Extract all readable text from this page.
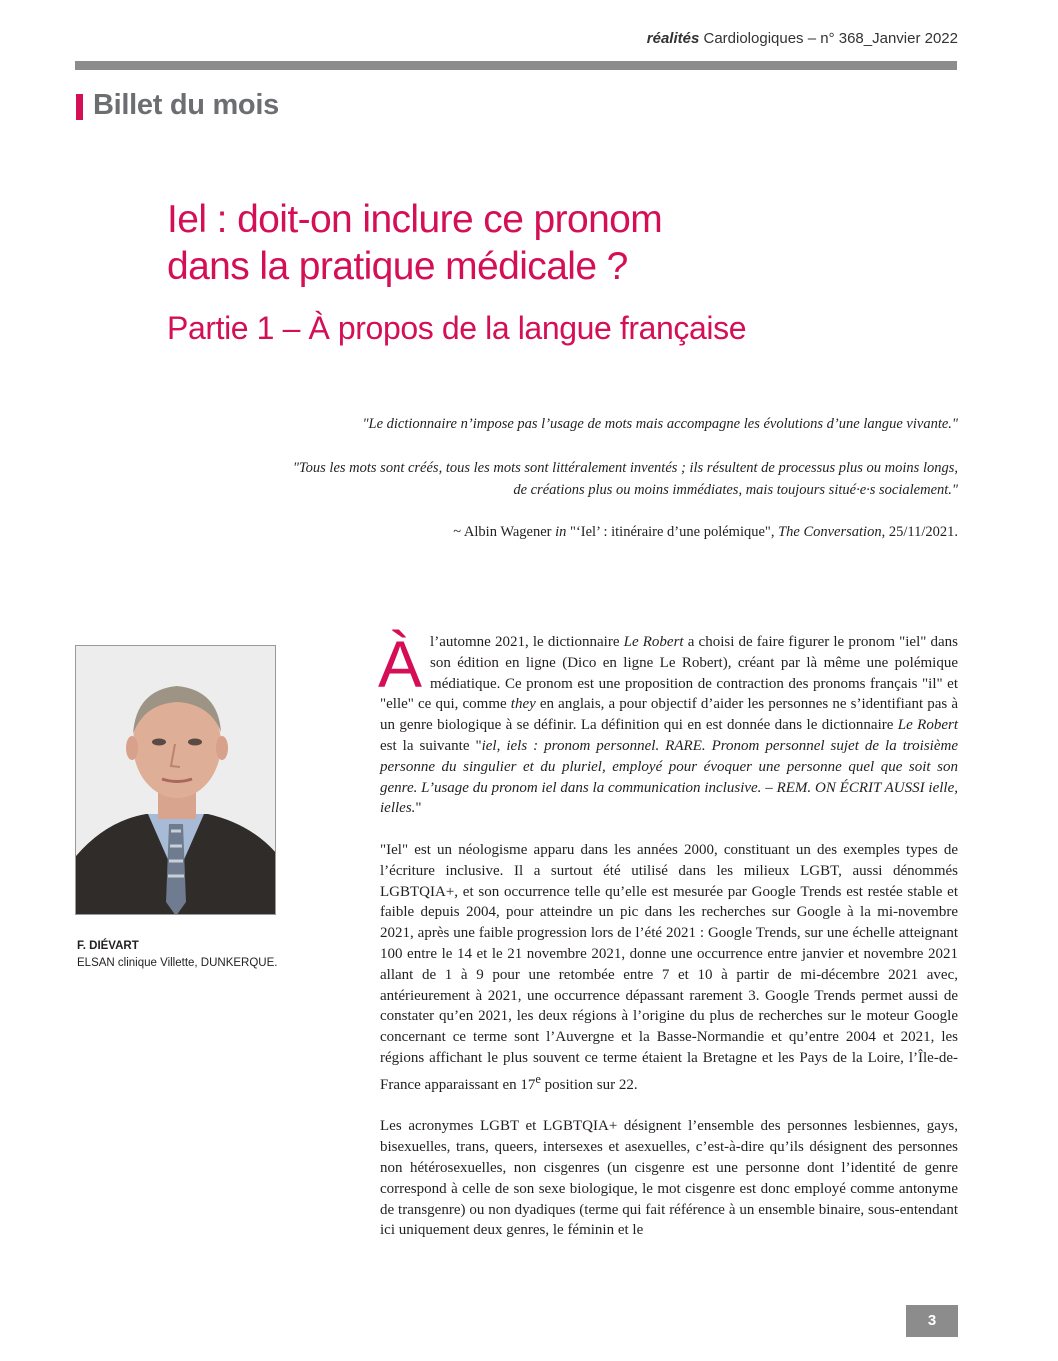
réalités Cardiologiques – n° 368_Janvier 2022
Billet du mois
Iel : doit-on inclure ce pronom
dans la pratique médicale ?
Partie 1 – À propos de la langue française

"Le dictionnaire n’impose pas l’usage de mots mais accompagne les évolutions d’une langue vivante."

"Tous les mots sont créés, tous les mots sont littéralement inventés ; ils résultent de processus plus ou moins longs,
de créations plus ou moins immédiates, mais toujours situé·e·s socialement."

~ Albin Wagener in "‘Iel’ : itinéraire d’une polémique", The Conversation, 25/11/2021.

F. DIÉVART
ELSAN clinique Villette, DUNKERQUE.

À l’automne 2021, le dictionnaire Le Robert a choisi de faire figurer le pronom "iel" dans son édition en ligne (Dico en ligne Le Robert), créant par là même une polémique médiatique. Ce pronom est une proposition de contraction des pronoms français "il" et "elle" ce qui, comme they en anglais, a pour objectif d’aider les personnes ne s’identifiant pas à un genre biologique à se définir. La définition qui en est donnée dans le dictionnaire Le Robert est la suivante "iel, iels : pronom personnel. RARE. Pronom personnel sujet de la troisième personne du singulier et du pluriel, employé pour évoquer une personne quel que soit son genre. L’usage du pronom iel dans la communication inclusive. – REM. ON ÉCRIT AUSSI ielle, ielles."

"Iel" est un néologisme apparu dans les années 2000, constituant un des exemples types de l’écriture inclusive. Il a surtout été utilisé dans les milieux LGBT, aussi dénommés LGBTQIA+, et son occurrence telle qu’elle est mesurée par Google Trends est restée stable et faible depuis 2004, pour atteindre un pic dans les recherches sur Google à la mi-novembre 2021, après une faible progression lors de l’été 2021 : Google Trends, sur une échelle atteignant 100 entre le 14 et le 21 novembre 2021, donne une occurrence entre janvier et novembre 2021 allant de 1 à 9 pour une retombée entre 7 et 10 à partir de mi-décembre 2021 avec, antérieurement à 2021, une occurrence dépassant rarement 3. Google Trends permet aussi de constater qu’en 2021, les deux régions à l’origine du plus de recherches sur le moteur Google concernant ce terme sont l’Auvergne et la Basse-Normandie et qu’entre 2004 et 2021, les régions affichant le plus souvent ce terme étaient la Bretagne et les Pays de la Loire, l’Île-de-France apparaissant en 17e position sur 22.

Les acronymes LGBT et LGBTQIA+ désignent l’ensemble des personnes lesbiennes, gays, bisexuelles, trans, queers, intersexes et asexuelles, c’est-à-dire qu’ils désignent des personnes non hétérosexuelles, non cisgenres (un cisgenre est une personne dont l’identité de genre correspond à celle de son sexe biologique, le mot cisgenre est donc employé comme antonyme de transgenre) ou non dyadiques (terme qui fait référence à un ensemble binaire, sous-entendant ici uniquement deux genres, le féminin et le

3
